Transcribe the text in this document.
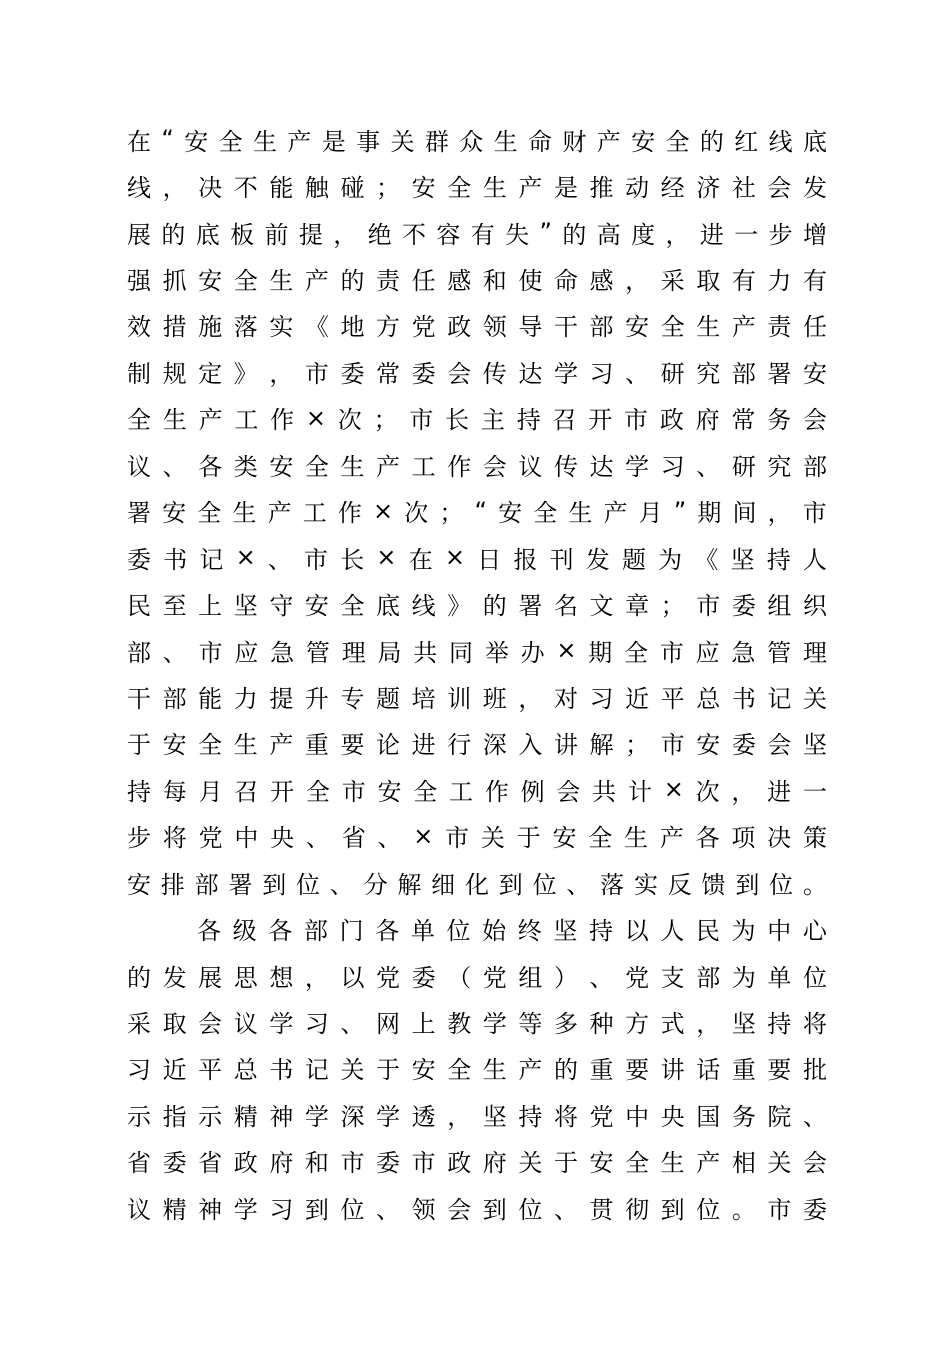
在 “ 安 全 生 产 是 事 关 群 众 生 命 财 产 安 全 的 红 线 底
线 ， 决 不 能 触 碰 ； 安 全 生 产 是 推 动 经 济 社 会 发
展 的 底 板 前 提 ， 绝 不 容 有 失 ” 的 高 度 ， 进 一 步 增
强 抓 安 全 生 产 的 责 任 感 和 使 命 感 ， 采 取 有 力 有
效 措 施 落 实 《 地 方 党 政 领 导 干 部 安 全 生 产 责 任
制 规 定 》 ， 市 委 常 委 会 传 达 学 习 、 研 究 部 署 安
全 生 产 工 作 × 次 ； 市 长 主 持 召 开 市 政 府 常 务 会
议 、 各 类 安 全 生 产 工 作 会 议 传 达 学 习 、 研 究 部
署 安 全 生 产 工 作 × 次 ； “ 安 全 生 产 月 ” 期 间 ， 市
委 书 记 × 、 市 长 × 在 × 日 报 刊 发 题 为 《 坚 持 人
民 至 上 坚 守 安 全 底 线 》 的 署 名 文 章 ； 市 委 组 织
部 、 市 应 急 管 理 局 共 同 举 办 × 期 全 市 应 急 管 理
干 部 能 力 提 升 专 题 培 训 班 ， 对 习 近 平 总 书 记 关
于 安 全 生 产 重 要 论 进 行 深 入 讲 解 ； 市 安 委 会 坚
持 每 月 召 开 全 市 安 全 工 作 例 会 共 计 × 次 ， 进 一
步 将 党 中 央 、 省 、 × 市 关 于 安 全 生 产 各 项 决 策
安 排 部 署 到 位 、 分 解 细 化 到 位 、 落 实 反 馈 到 位 。
各 级 各 部 门 各 单 位 始 终 坚 持 以 人 民 为 中 心
的 发 展 思 想 ， 以 党 委 （ 党 组 ） 、 党 支 部 为 单 位
采 取 会 议 学 习 、 网 上 教 学 等 多 种 方 式 ， 坚 持 将
习 近 平 总 书 记 关 于 安 全 生 产 的 重 要 讲 话 重 要 批
示 指 示 精 神 学 深 学 透 ， 坚 持 将 党 中 央 国 务 院 、
省 委 省 政 府 和 市 委 市 政 府 关 于 安 全 生 产 相 关 会
议 精 神 学 习 到 位 、 领 会 到 位 、 贯 彻 到 位 。 市 委
